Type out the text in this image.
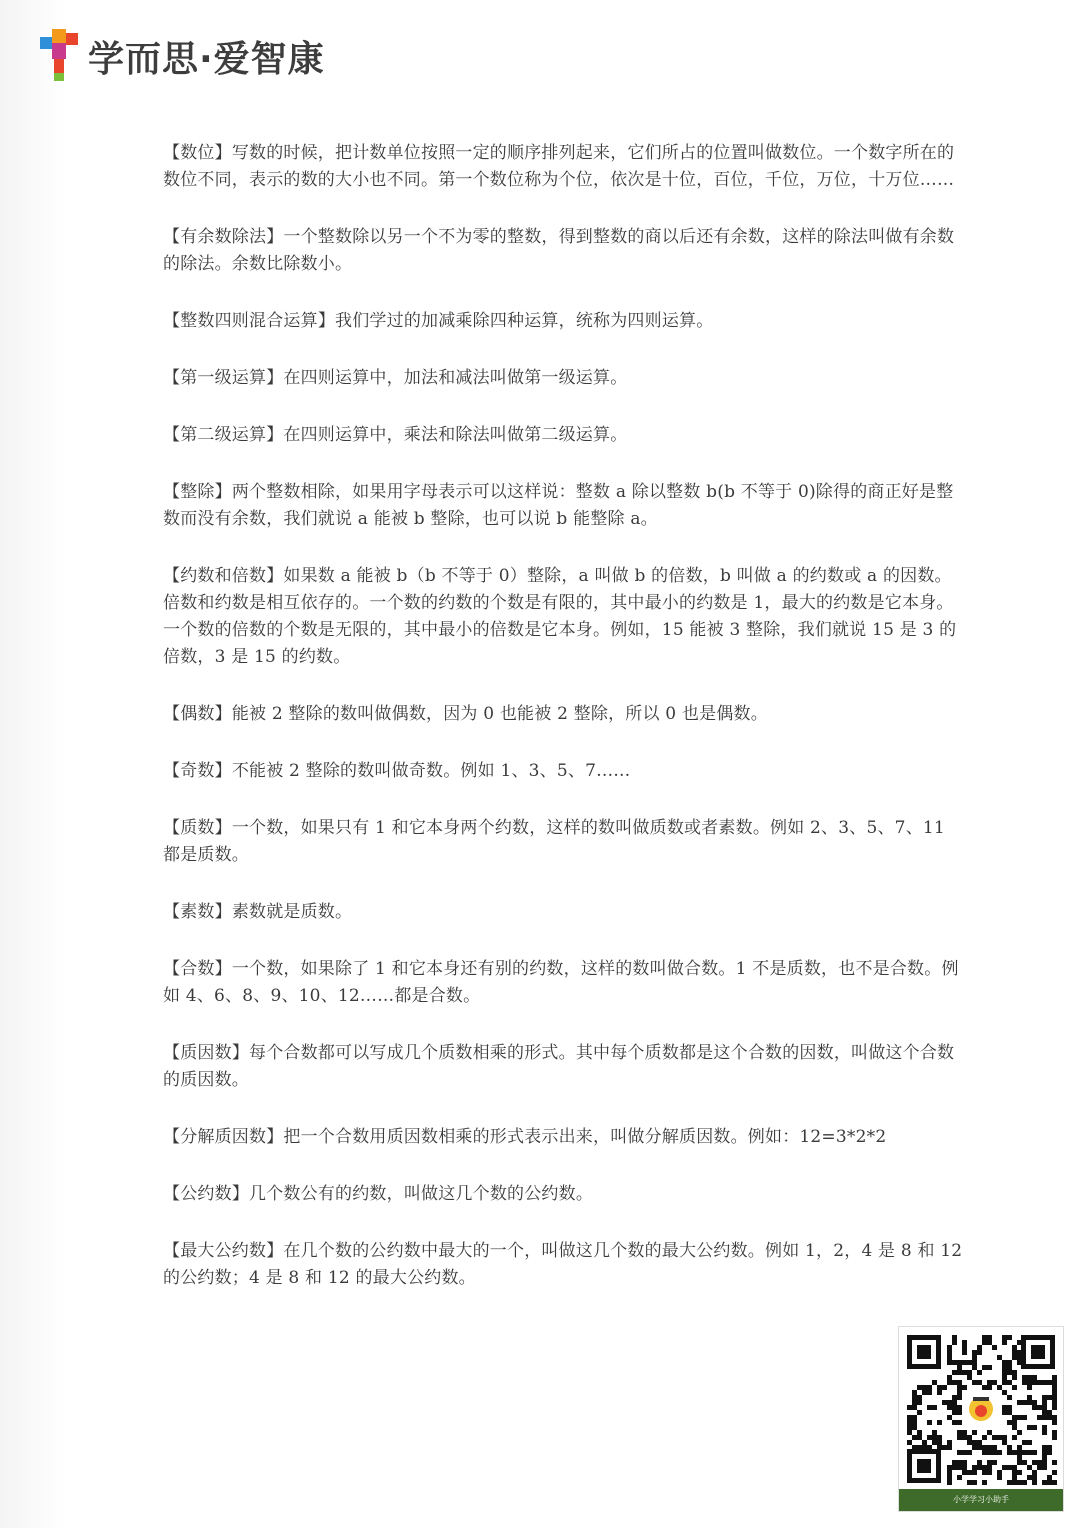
学而思·爱智康

【 数位 】 写数的时候，把计数单位按照一定的顺序排列起来，它们所占的位置叫做数位。一个数字所在的数位不同，表示的数的大小也不同。第一个数位称为个位，依次是十位，百位，千位，万位，十万位……

【 有余数除法 】 一个整数除以另一个不为零的整数，得到整数的商以后还有余数，这样的除法叫做有余数的除法。余数比除数小。

【 整数四则混合运算 】 我们学过的加减乘除四种运算，统称为四则运算。

【 第一级运算 】 在四则运算中，加法和减法叫做第一级运算。

【 第二级运算 】 在四则运算中，乘法和除法叫做第二级运算。

【 整除 】 两个整数相除，如果用字母表示可以这样说：整数 a 除以整数 b(b 不等于 0)除得的商正好是整数而没有余数，我们就说 a 能被 b 整除，也可以说 b 能整除 a。

【 约数和倍数 】 如果数 a 能被 b（b 不等于 0）整除，a 叫做 b 的倍数，b 叫做 a 的约数或 a 的因数。倍数和约数是相互依存的。一个数的约数的个数是有限的，其中最小的约数是 1，最大的约数是它本身。一个数的倍数的个数是无限的，其中最小的倍数是它本身。例如，15 能被 3 整除，我们就说 15 是 3 的倍数，3 是 15 的约数。

【 偶数 】 能被 2 整除的数叫做偶数，因为 0 也能被 2 整除，所以 0 也是偶数。

【 奇数 】 不能被 2 整除的数叫做奇数。例如 1、3、5、7……

【 质数 】 一个数，如果只有 1 和它本身两个约数，这样的数叫做质数或者素数。例如 2、3、5、7、11 都是质数。

【 素数 】 素数就是质数。

【 合数 】 一个数，如果除了 1 和它本身还有别的约数，这样的数叫做合数。1 不是质数，也不是合数。例如 4、6、8、9、10、12……都是合数。

【 质因数 】 每个合数都可以写成几个质数相乘的形式。其中每个质数都是这个合数的因数，叫做这个合数的质因数。

【 分解质因数 】 把一个合数用质因数相乘的形式表示出来，叫做分解质因数。例如：12=3*2*2

【 公约数 】 几个数公有的约数，叫做这几个数的公约数。

【 最大公约数 】 在几个数的公约数中最大的一个，叫做这几个数的最大公约数。例如 1，2，4 是 8 和 12 的公约数；4 是 8 和 12 的最大公约数。

小学学习小助手
